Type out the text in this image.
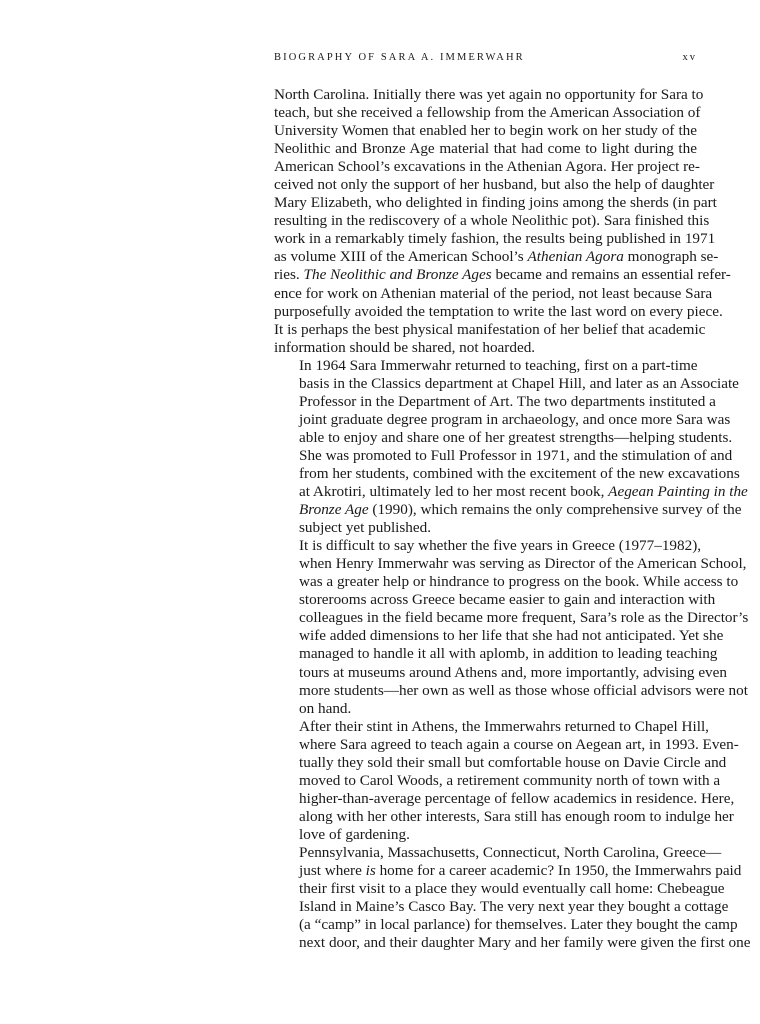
BIOGRAPHY OF SARA A. IMMERWAHR	xv

North Carolina. Initially there was yet again no opportunity for Sara to
teach, but she received a fellowship from the American Association of
University Women that enabled her to begin work on her study of the
Neolithic and Bronze Age material that had come to light during the
American School’s excavations in the Athenian Agora. Her project re-
ceived not only the support of her husband, but also the help of daughter
Mary Elizabeth, who delighted in finding joins among the sherds (in part
resulting in the rediscovery of a whole Neolithic pot). Sara finished this
work in a remarkably timely fashion, the results being published in 1971
as volume XIII of the American School’s Athenian Agora monograph se-
ries. The Neolithic and Bronze Ages became and remains an essential refer-
ence for work on Athenian material of the period, not least because Sara
purposefully avoided the temptation to write the last word on every piece.
It is perhaps the best physical manifestation of her belief that academic
information should be shared, not hoarded.

In 1964 Sara Immerwahr returned to teaching, first on a part-time
basis in the Classics department at Chapel Hill, and later as an Associate
Professor in the Department of Art. The two departments instituted a
joint graduate degree program in archaeology, and once more Sara was
able to enjoy and share one of her greatest strengths—helping students.
She was promoted to Full Professor in 1971, and the stimulation of and
from her students, combined with the excitement of the new excavations
at Akrotiri, ultimately led to her most recent book, Aegean Painting in the
Bronze Age (1990), which remains the only comprehensive survey of the
subject yet published.

It is difficult to say whether the five years in Greece (1977–1982),
when Henry Immerwahr was serving as Director of the American School,
was a greater help or hindrance to progress on the book. While access to
storerooms across Greece became easier to gain and interaction with
colleagues in the field became more frequent, Sara’s role as the Director’s
wife added dimensions to her life that she had not anticipated. Yet she
managed to handle it all with aplomb, in addition to leading teaching
tours at museums around Athens and, more importantly, advising even
more students—her own as well as those whose official advisors were not
on hand.

After their stint in Athens, the Immerwahrs returned to Chapel Hill,
where Sara agreed to teach again a course on Aegean art, in 1993. Even-
tually they sold their small but comfortable house on Davie Circle and
moved to Carol Woods, a retirement community north of town with a
higher-than-average percentage of fellow academics in residence. Here,
along with her other interests, Sara still has enough room to indulge her
love of gardening.

Pennsylvania, Massachusetts, Connecticut, North Carolina, Greece—
just where is home for a career academic? In 1950, the Immerwahrs paid
their first visit to a place they would eventually call home: Chebeague
Island in Maine’s Casco Bay. The very next year they bought a cottage
(a “camp” in local parlance) for themselves. Later they bought the camp
next door, and their daughter Mary and her family were given the first one
